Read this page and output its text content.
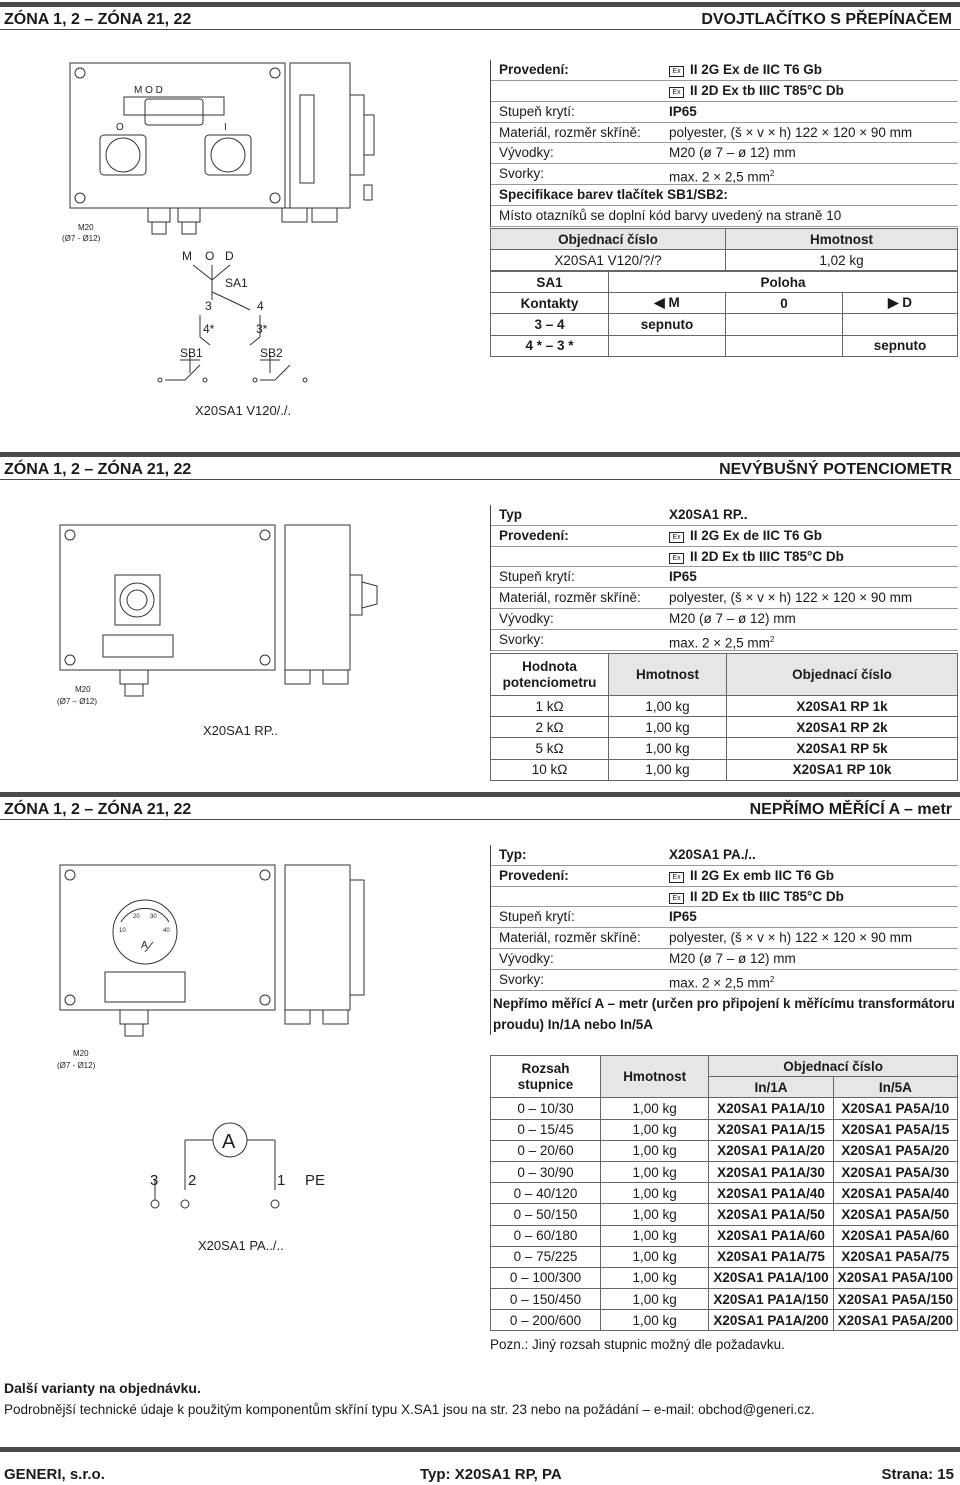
ZÓNA 1, 2 – ZÓNA 21, 22	DVOJTLAČÍTKO S PŘEPÍNAČEM
M O D
O	I
M20
(Ø7 - Ø12)
M O D
SA1
3	4
4*	3*
SB1	SB2
X20SA1 V120/./.
Provedení:	Ex II 2G Ex de IIC T6 Gb
Ex II 2D Ex tb IIIC T85°C Db
Stupeň krytí:	IP65
Materiál, rozměr skříně: polyester, (š × v × h) 122 × 120 × 90 mm
Vývodky:	M20 (ø 7 – ø 12) mm
Svorky:	max. 2 × 2,5 $mm^2$
Specifikace barev tlačítek SB1/SB2:
Místo otazníků se doplní kód barvy uvedený na straně 10
Objednací číslo	Hmotnost
X20SA1 V120/?/?	1,02 kg
SA1	Poloha		
Kontakty	◀ M	0	▶ D
3 – 4	sepnuto		
4 * – 3 *			sepnuto
ZÓNA 1, 2 – ZÓNA 21, 22	NEVÝBUŠNÝ POTENCIOMETR
M20
(Ø7 – Ø12)
X20SA1 RP..
Typ	X20SA1 RP..
Provedení:	Ex II 2G Ex de IIC T6 Gb
Ex II 2D Ex tb IIIC T85°C Db
Stupeň krytí:	IP65
Materiál, rozměr skříně: polyester, (š × v × h) 122 × 120 × 90 mm
Vývodky:	M20 (ø 7 – ø 12) mm
Svorky:	max. 2 × 2,5 $mm^2$
Hodnota
potenciometru	Hmotnost	Objednací číslo
1 kΩ	1,00 kg	X20SA1 RP 1k
2 kΩ	1,00 kg	X20SA1 RP 2k
5 kΩ	1,00 kg	X20SA1 RP 5k
10 kΩ	1,00 kg	X20SA1 RP 10k
ZÓNA 1, 2 – ZÓNA 21, 22	NEPŘÍMO MĚŘÍCÍ A – metr
10
20 30
40
A
M20
(Ø7 - Ø12)
A
3 2	1 PE
X20SA1 PA../..
Typ:	X20SA1 PA./..
Provedení:	Ex II 2G Ex emb IIC T6 Gb
Ex II 2D Ex tb IIIC T85°C Db
Stupeň krytí:	IP65
Materiál, rozměr skříně: polyester, (š × v × h) 122 × 120 × 90 mm
Vývodky:	M20 (ø 7 – ø 12) mm
Svorky:	max. 2 × 2,5 $mm^2$
Nepřímo měřící A – metr (určen pro připojení k měřícímu transformátoru proudu) In/1A nebo In/5A
Rozsah
stupnice	Hmotnost	Objednací číslo	
		In/1A	In/5A
0 – 10/30	1,00 kg	X20SA1 PA1A/10	X20SA1 PA5A/10
0 – 15/45	1,00 kg	X20SA1 PA1A/15	X20SA1 PA5A/15
0 – 20/60	1,00 kg	X20SA1 PA1A/20	X20SA1 PA5A/20
0 – 30/90	1,00 kg	X20SA1 PA1A/30	X20SA1 PA5A/30
0 – 40/120	1,00 kg	X20SA1 PA1A/40	X20SA1 PA5A/40
0 – 50/150	1,00 kg	X20SA1 PA1A/50	X20SA1 PA5A/50
0 – 60/180	1,00 kg	X20SA1 PA1A/60	X20SA1 PA5A/60
0 – 75/225	1,00 kg	X20SA1 PA1A/75	X20SA1 PA5A/75
0 – 100/300	1,00 kg	X20SA1 PA1A/100	X20SA1 PA5A/100
0 – 150/450	1,00 kg	X20SA1 PA1A/150	X20SA1 PA5A/150
0 – 200/600	1,00 kg	X20SA1 PA1A/200	X20SA1 PA5A/200
Pozn.: Jiný rozsah stupnic možný dle požadavku.
Další varianty na objednávku.
Podrobnější technické údaje k použitým komponentům skříní typu X.SA1 jsou na str. 23 nebo na požádání – e-mail: obchod@generi.cz.
GENERI, s.r.o.	Typ: X20SA1 RP, PA	Strana: 15
